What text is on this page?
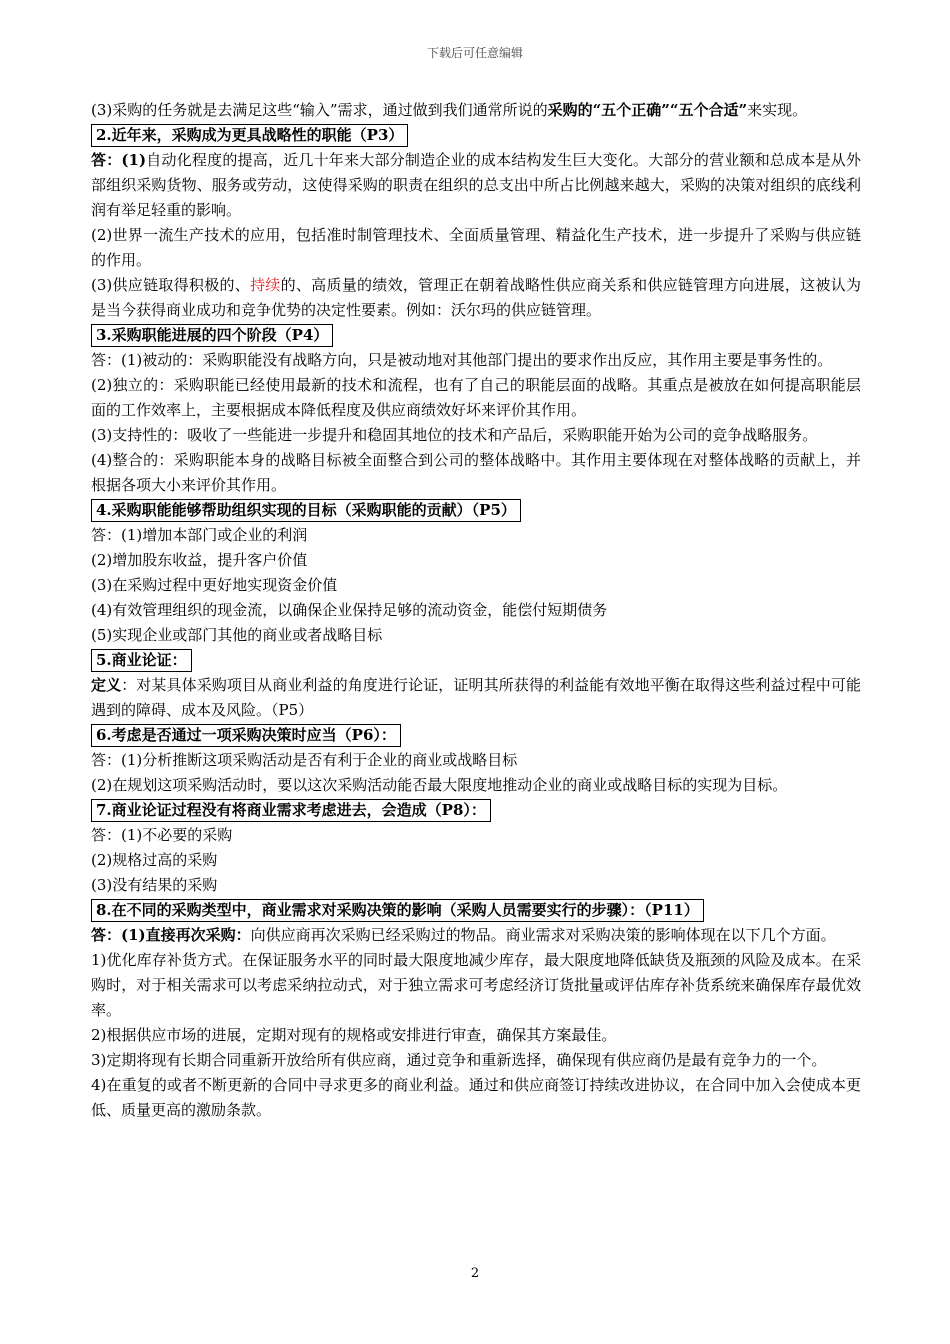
下载后可任意编辑

(3)采购的任务就是去满足这些“输入”需求，通过做到我们通常所说的采购的“五个正确”“五个合适”来实现。

2.近年来，采购成为更具战略性的职能（P3）

答：(1)自动化程度的提高，近几十年来大部分制造企业的成本结构发生巨大变化。大部分的营业额和总成本是从外部组织采购货物、服务或劳动，这使得采购的职责在组织的总支出中所占比例越来越大，采购的决策对组织的底线利润有举足轻重的影响。

(2)世界一流生产技术的应用，包括准时制管理技术、全面质量管理、精益化生产技术，进一步提升了采购与供应链的作用。

(3)供应链取得积极的、持续的、高质量的绩效，管理正在朝着战略性供应商关系和供应链管理方向进展，这被认为是当今获得商业成功和竞争优势的决定性要素。例如：沃尔玛的供应链管理。

3.采购职能进展的四个阶段（P4）

答：(1)被动的：采购职能没有战略方向，只是被动地对其他部门提出的要求作出反应，其作用主要是事务性的。

(2)独立的：采购职能已经使用最新的技术和流程，也有了自己的职能层面的战略。其重点是被放在如何提高职能层面的工作效率上，主要根据成本降低程度及供应商绩效好坏来评价其作用。

(3)支持性的：吸收了一些能进一步提升和稳固其地位的技术和产品后，采购职能开始为公司的竞争战略服务。

(4)整合的：采购职能本身的战略目标被全面整合到公司的整体战略中。其作用主要体现在对整体战略的贡献上，并根据各项大小来评价其作用。

4.采购职能能够帮助组织实现的目标（采购职能的贡献）（P5）

答：(1)增加本部门或企业的利润

(2)增加股东收益，提升客户价值

(3)在采购过程中更好地实现资金价值

(4)有效管理组织的现金流，以确保企业保持足够的流动资金，能偿付短期债务

(5)实现企业或部门其他的商业或者战略目标

5.商业论证：

定义：对某具体采购项目从商业利益的角度进行论证，证明其所获得的利益能有效地平衡在取得这些利益过程中可能遇到的障碍、成本及风险。（P5）

6.考虑是否通过一项采购决策时应当（P6）：

答：(1)分析推断这项采购活动是否有利于企业的商业或战略目标

(2)在规划这项采购活动时，要以这次采购活动能否最大限度地推动企业的商业或战略目标的实现为目标。

7.商业论证过程没有将商业需求考虑进去，会造成（P8）：

答：(1)不必要的采购

(2)规格过高的采购

(3)没有结果的采购

8.在不同的采购类型中，商业需求对采购决策的影响（采购人员需要实行的步骤）：（P11）

答：(1)直接再次采购：向供应商再次采购已经采购过的物品。商业需求对采购决策的影响体现在以下几个方面。

1)优化库存补货方式。在保证服务水平的同时最大限度地减少库存，最大限度地降低缺货及瓶颈的风险及成本。在采购时，对于相关需求可以考虑采纳拉动式，对于独立需求可考虑经济订货批量或评估库存补货系统来确保库存最优效率。

2)根据供应市场的进展，定期对现有的规格或安排进行审查，确保其方案最佳。

3)定期将现有长期合同重新开放给所有供应商，通过竞争和重新选择，确保现有供应商仍是最有竞争力的一个。

4)在重复的或者不断更新的合同中寻求更多的商业利益。通过和供应商签订持续改进协议，在合同中加入会使成本更低、质量更高的激励条款。

2
